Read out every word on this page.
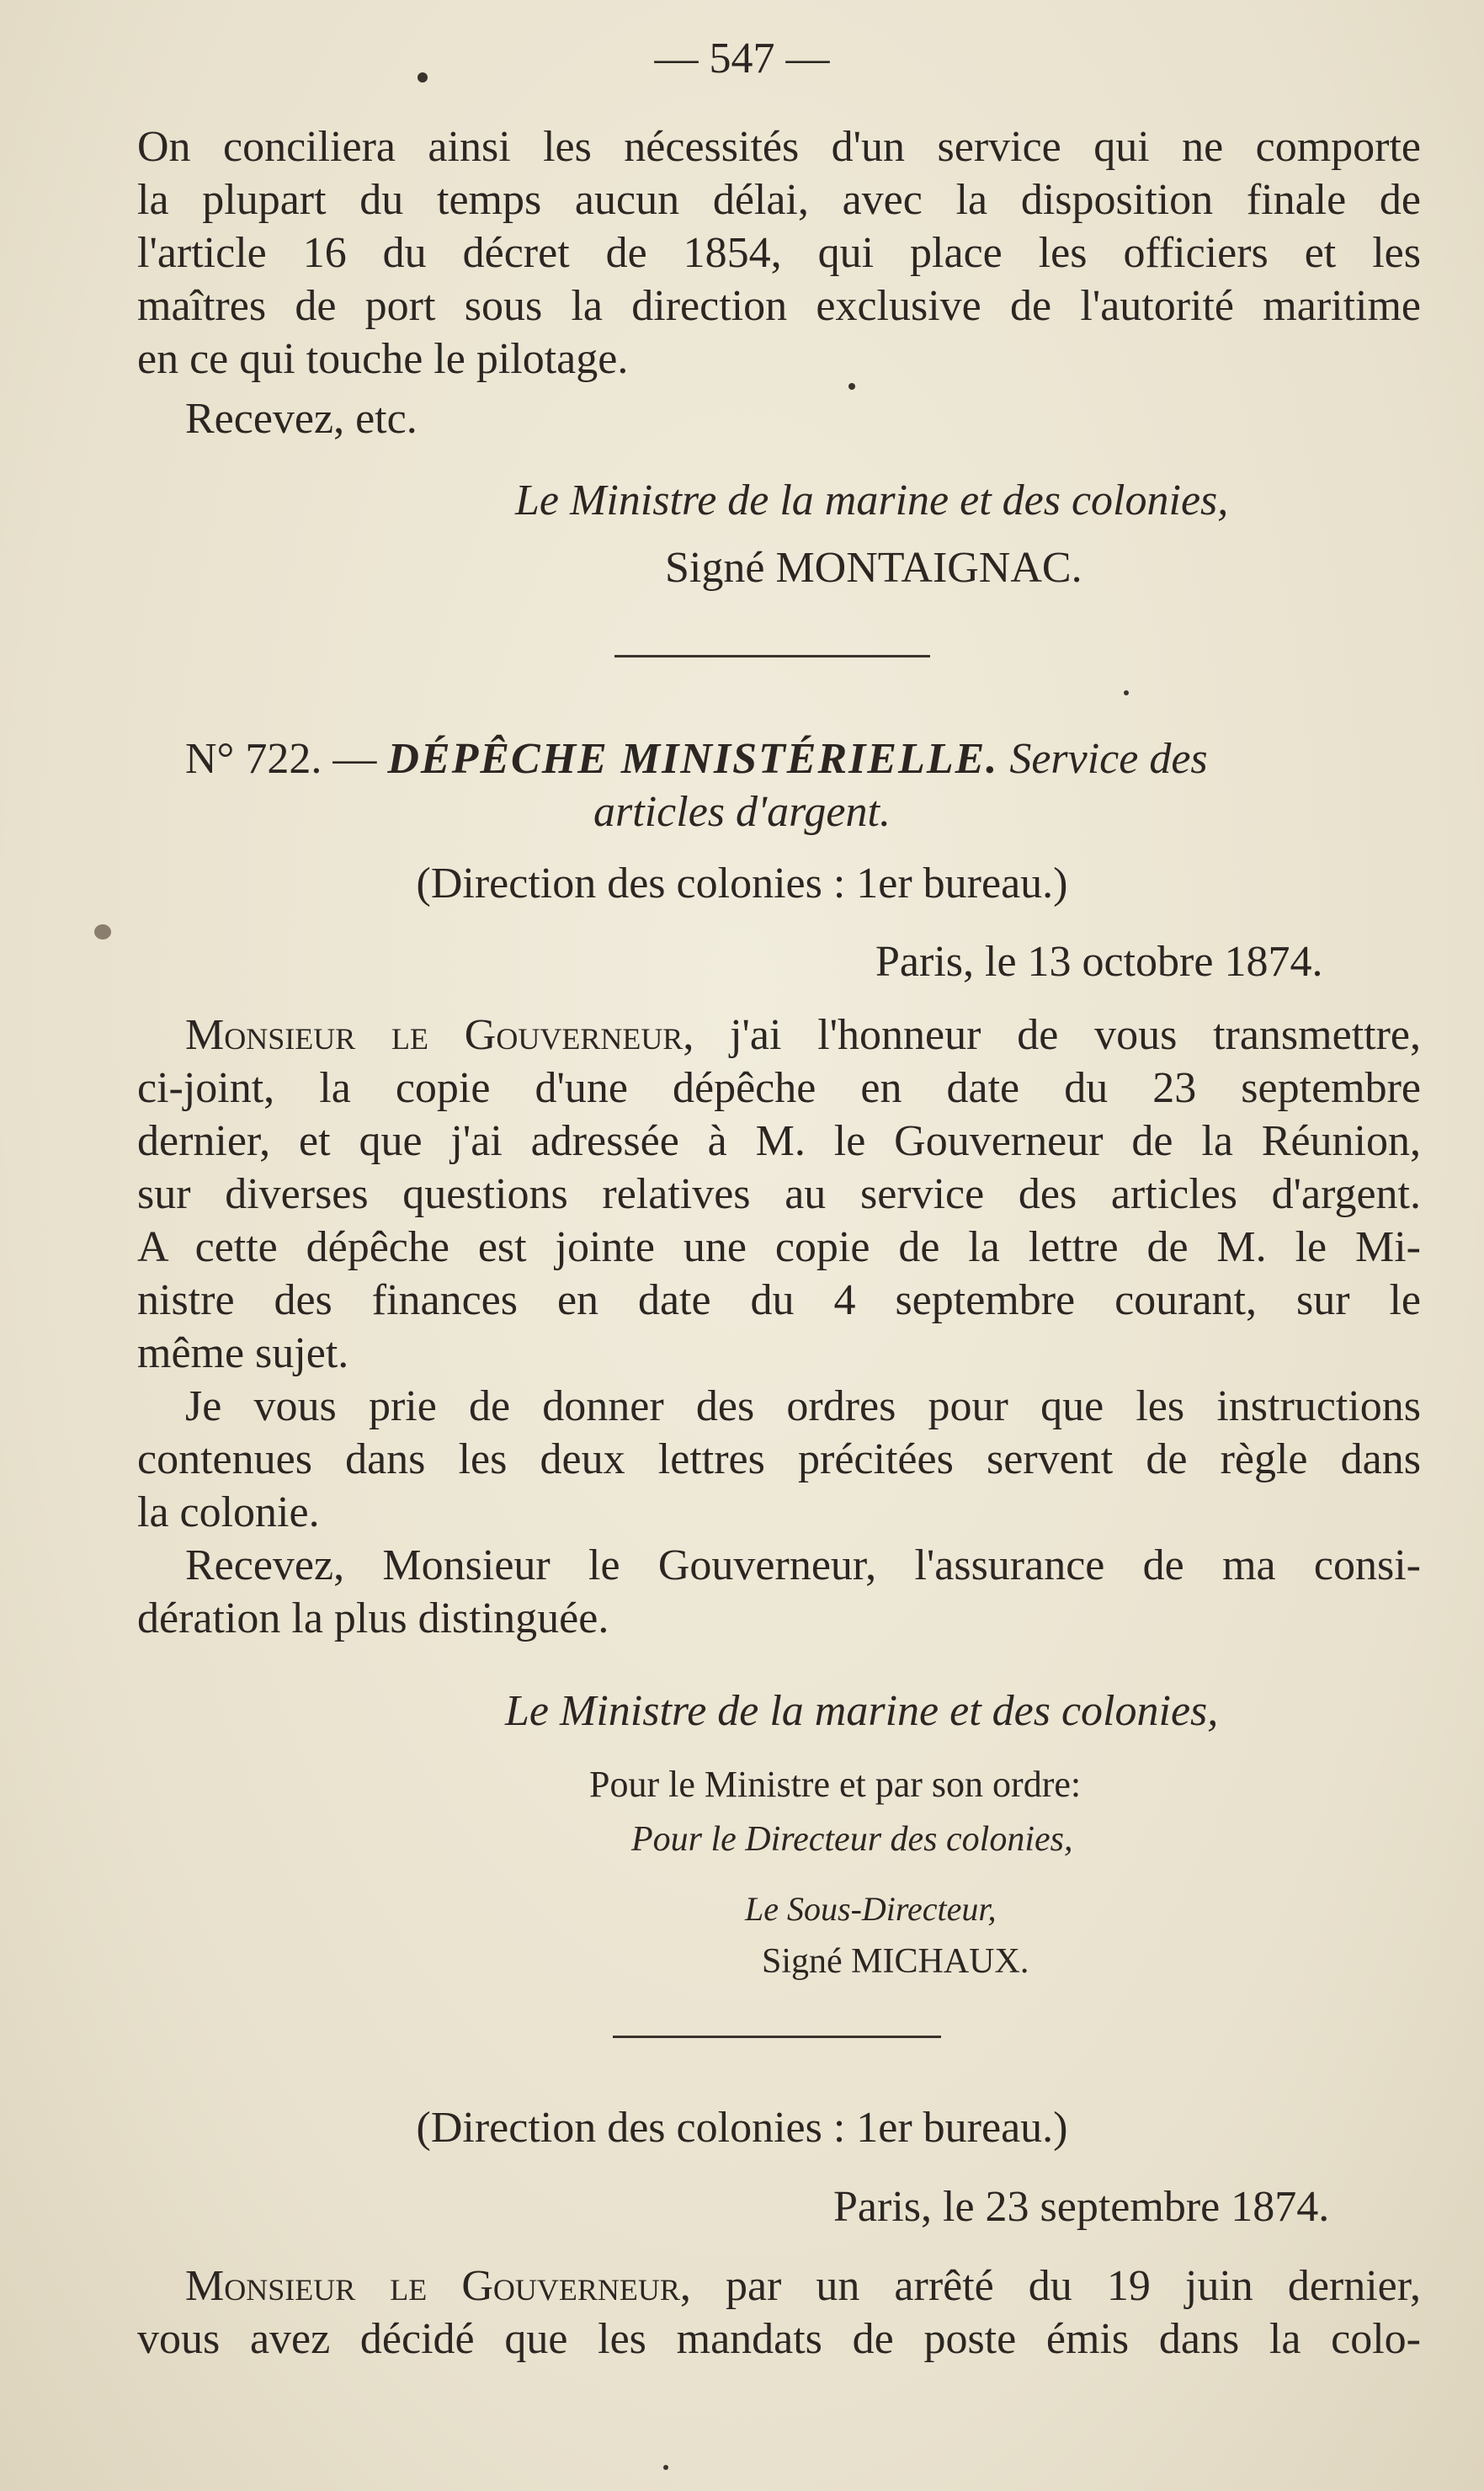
— 547 —
On conciliera ainsi les nécessités d'un service qui ne comporte
la plupart du temps aucun délai, avec la disposition finale de
l'article 16 du décret de 1854, qui place les officiers et les
maîtres de port sous la direction exclusive de l'autorité maritime
en ce qui touche le pilotage.
Recevez, etc.
Le Ministre de la marine et des colonies,
Signé MONTAIGNAC.
N° 722. — DÉPÊCHE MINISTÉRIELLE. Service des
articles d'argent.
(Direction des colonies : 1er bureau.)
Paris, le 13 octobre 1874.
Monsieur le Gouverneur, j'ai l'honneur de vous transmettre,
ci-joint, la copie d'une dépêche en date du 23 septembre
dernier, et que j'ai adressée à M. le Gouverneur de la Réunion,
sur diverses questions relatives au service des articles d'argent.
A cette dépêche est jointe une copie de la lettre de M. le Mi-
nistre des finances en date du 4 septembre courant, sur le
même sujet.
Je vous prie de donner des ordres pour que les instructions
contenues dans les deux lettres précitées servent de règle dans
la colonie.
Recevez, Monsieur le Gouverneur, l'assurance de ma consi-
dération la plus distinguée.
Le Ministre de la marine et des colonies,
Pour le Ministre et par son ordre:
Pour le Directeur des colonies,
Le Sous-Directeur,
Signé MICHAUX.
(Direction des colonies : 1er bureau.)
Paris, le 23 septembre 1874.
Monsieur le Gouverneur, par un arrêté du 19 juin dernier,
vous avez décidé que les mandats de poste émis dans la colo-
